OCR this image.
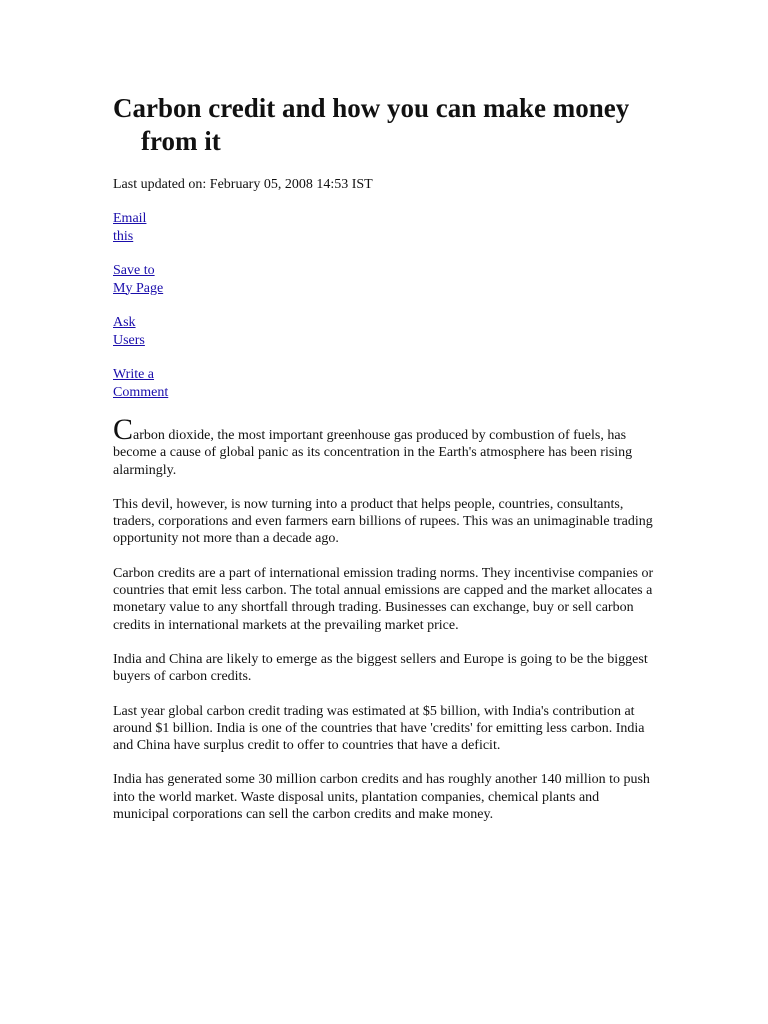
Carbon credit and how you can make money from it
Last updated on: February 05, 2008 14:53 IST
Email
this
Save to
My Page
Ask
Users
Write a
Comment

Carbon dioxide, the most important greenhouse gas produced by combustion of fuels, has become a cause of global panic as its concentration in the Earth's atmosphere has been rising alarmingly.

This devil, however, is now turning into a product that helps people, countries, consultants, traders, corporations and even farmers earn billions of rupees. This was an unimaginable trading opportunity not more than a decade ago.

Carbon credits are a part of international emission trading norms. They incentivise companies or countries that emit less carbon. The total annual emissions are capped and the market allocates a monetary value to any shortfall through trading. Businesses can exchange, buy or sell carbon credits in international markets at the prevailing market price.

India and China are likely to emerge as the biggest sellers and Europe is going to be the biggest buyers of carbon credits.

Last year global carbon credit trading was estimated at $5 billion, with India's contribution at around $1 billion. India is one of the countries that have 'credits' for emitting less carbon. India and China have surplus credit to offer to countries that have a deficit.

India has generated some 30 million carbon credits and has roughly another 140 million to push into the world market. Waste disposal units, plantation companies, chemical plants and municipal corporations can sell the carbon credits and make money.
